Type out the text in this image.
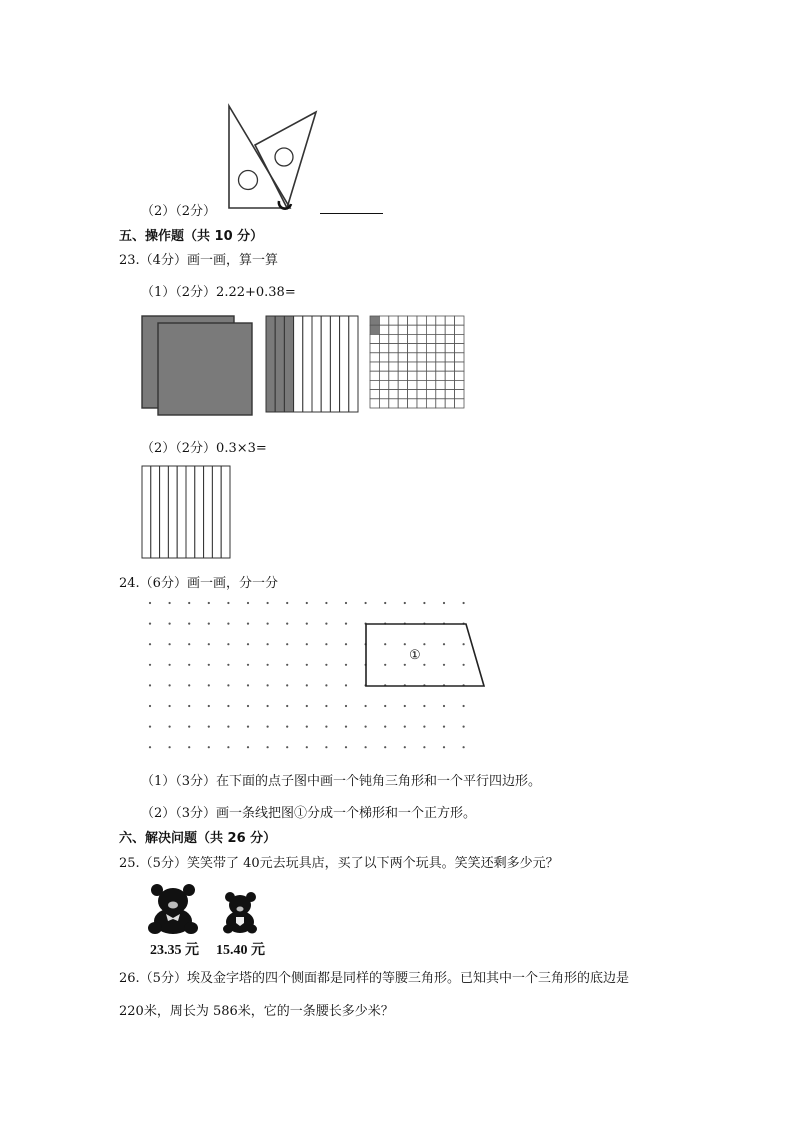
（2）（2分）
五、操作题（共 10 分）
23.（4分）画一画，算一算
（1）（2分）2.22+0.38=
（2）（2分）0.3×3=
24.（6分）画一画，分一分
①
（1）（3分）在下面的点子图中画一个钝角三角形和一个平行四边形。
（2）（3分）画一条线把图①分成一个梯形和一个正方形。
六、解决问题（共 26 分）
25.（5分）笑笑带了 40元去玩具店，买了以下两个玩具。笑笑还剩多少元？
23.35 元 15.40 元
26.（5分）埃及金字塔的四个侧面都是同样的等腰三角形。已知其中一个三角形的底边是
220米，周长为 586米，它的一条腰长多少米？
